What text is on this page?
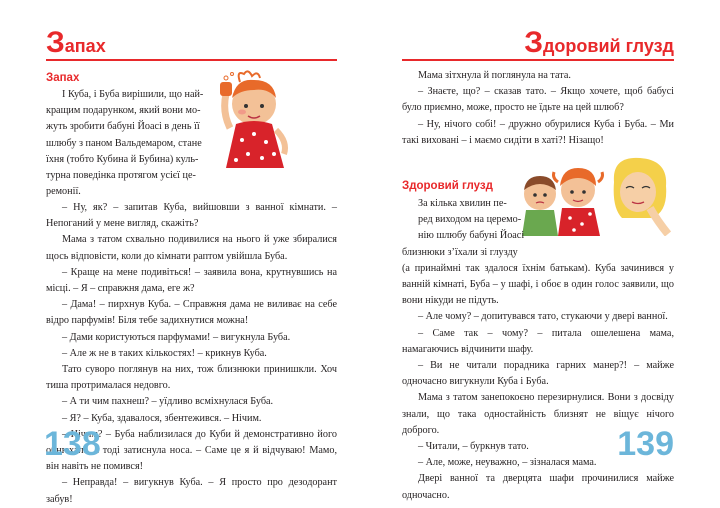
Запах
Запах

І Куба, і Буба вирішили, що най-

кращим подарунком, який вони мо-

жуть зробити бабуні Йоасі в день її

шлюбу з паном Вальдемаром, стане

їхня (тобто Кубина й Бубина) куль-

турна поведінка протягом усієї це-

ремонії.

– Ну, як? – запитав Куба, вийшовши з ванної кімнати. – Непоганий у мене вигляд, скажіть?

Мама з татом схвально подивилися на нього й уже збиралися щось відповісти, коли до кімнати раптом увійшла Буба.

– Краще на мене подивіться! – заявила вона, крутнувшись на місці. – Я – справжня дама, еге ж?

– Дама! – пирхнув Куба. – Справжня дама не виливає на себе відро парфумів! Біля тебе задихнутися можна!

– Дами користуються парфумами! – вигукнула Буба.

– Але ж не в таких кількостях! – крикнув Куба.

Тато суворо поглянув на них, тож близнюки принишкли. Хоч тиша протрималася недовго.

– А ти чим пахнеш? – уїдливо всміхнулася Буба.

– Я? – Куба, здавалося, збентежився. – Нічим.

– Нічим? – Буба наблизилася до Куби й демонстративно його обнюхала, а тоді затиснула носа. – Саме це я й відчуваю! Мамо, він навіть не помився!

– Неправда! – вигукнув Куба. – Я просто про дезодорант забув!

138
Здоровий глузд

Мама зітхнула й поглянула на тата.

– Знаєте, що? – сказав тато. – Якщо хочете, щоб бабусі було приємно, може, просто не їдьте на цей шлюб?

– Ну, нічого собі! – дружно обурилися Куба і Буба. – Ми такі виховані – і маємо сидіти в хаті?! Нізащо!

Здоровий глузд

За кілька хвилин пе-

ред виходом на церемо-

нію шлюбу бабуні Йоасі

близнюки з’їхали зі глузду

(а принаймні так здалося їхнім батькам). Куба зачинився у ванній кімнаті, Буба – у шафі, і обоє в один голос заявили, що вони нікуди не підуть.

– Але чому? – допитувався тато, стукаючи у двері ванної.

– Саме так – чому? – питала ошелешена мама, намагаючись відчинити шафу.

– Ви не читали порадника гарних манер?! – майже одночасно вигукнули Куба і Буба.

Мама з татом занепокоєно перезирнулися. Вони з досвіду знали, що така одностайність близнят не віщує нічого доброго.

– Читали, – буркнув тато.

– Але, може, неуважно, – зізналася мама.

Двері ванної та дверцята шафи прочинилися майже одночасно.

139
